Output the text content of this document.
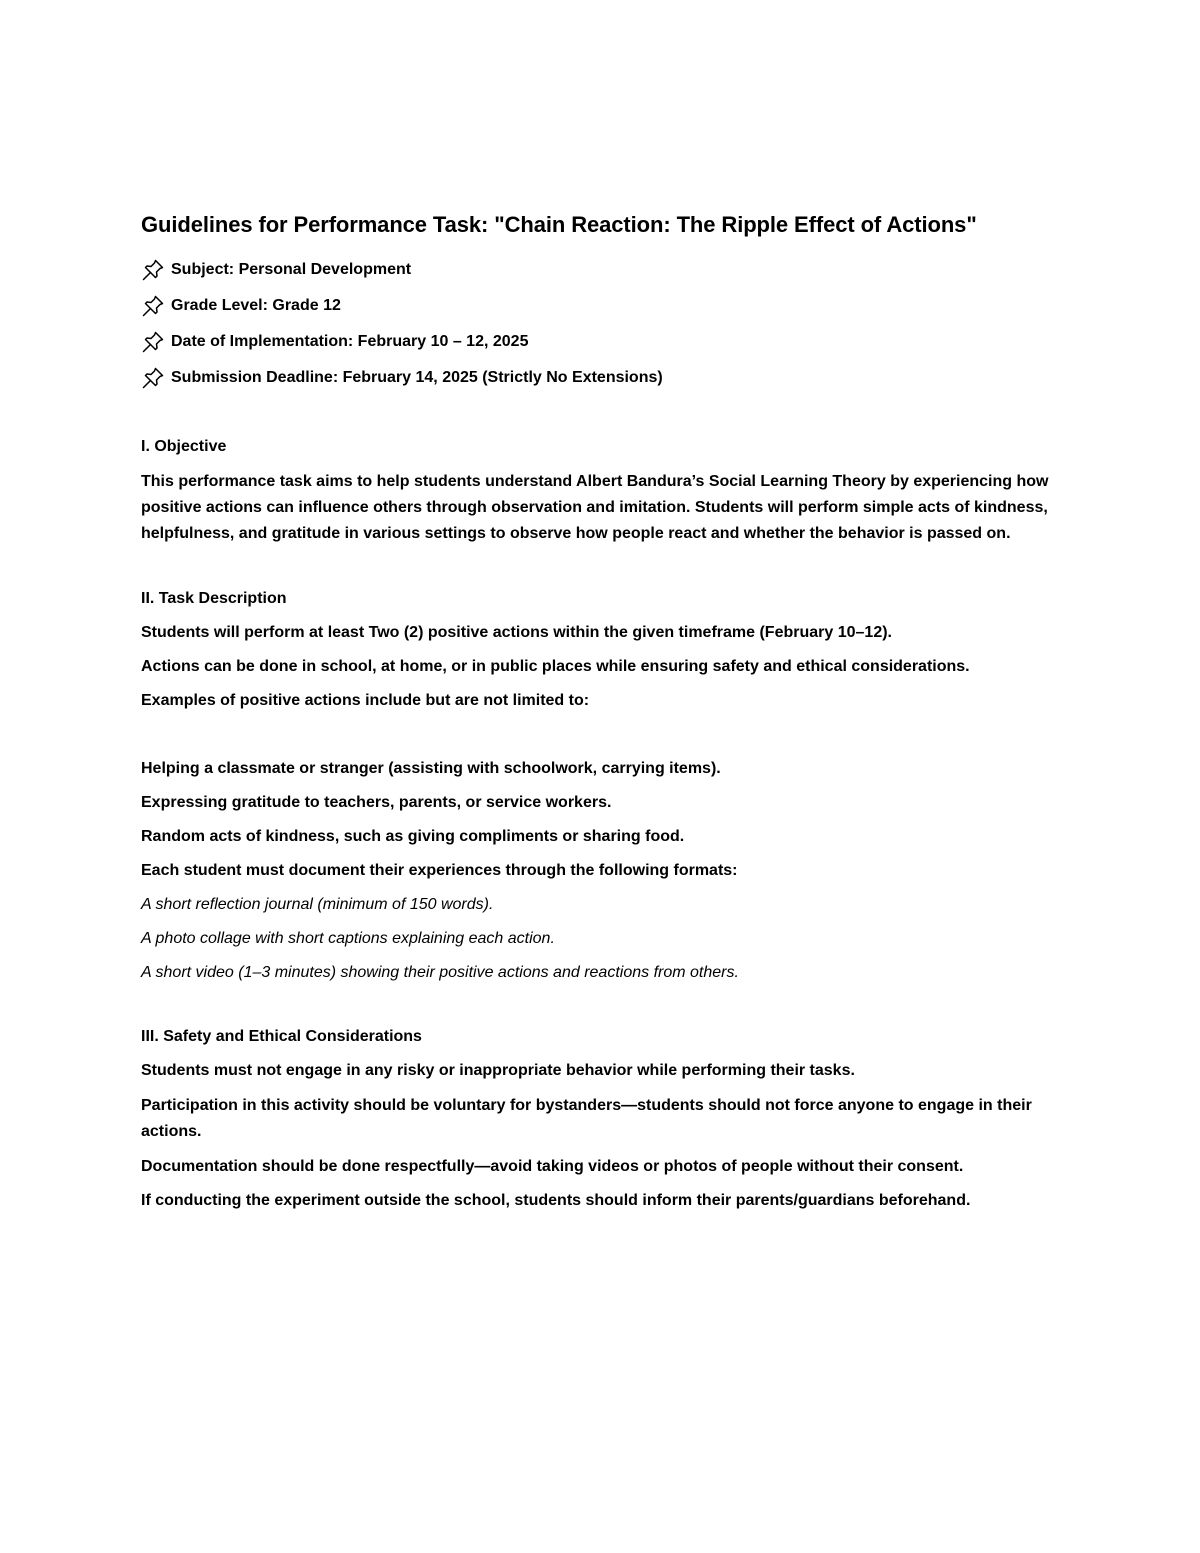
Guidelines for Performance Task: "Chain Reaction: The Ripple Effect of Actions"
Subject: Personal Development
Grade Level: Grade 12
Date of Implementation: February 10 – 12, 2025
Submission Deadline: February 14, 2025 (Strictly No Extensions)
I. Objective

This performance task aims to help students understand Albert Bandura’s Social Learning Theory by experiencing how positive actions can influence others through observation and imitation. Students will perform simple acts of kindness, helpfulness, and gratitude in various settings to observe how people react and whether the behavior is passed on.

II. Task Description

Students will perform at least Two (2) positive actions within the given timeframe (February 10–12).

Actions can be done in school, at home, or in public places while ensuring safety and ethical considerations.

Examples of positive actions include but are not limited to:

Helping a classmate or stranger (assisting with schoolwork, carrying items).

Expressing gratitude to teachers, parents, or service workers.

Random acts of kindness, such as giving compliments or sharing food.

Each student must document their experiences through the following formats:

A short reflection journal (minimum of 150 words).

A photo collage with short captions explaining each action.

A short video (1–3 minutes) showing their positive actions and reactions from others.

III. Safety and Ethical Considerations

Students must not engage in any risky or inappropriate behavior while performing their tasks.

Participation in this activity should be voluntary for bystanders—students should not force anyone to engage in their actions.

Documentation should be done respectfully—avoid taking videos or photos of people without their consent.

If conducting the experiment outside the school, students should inform their parents/guardians beforehand.
